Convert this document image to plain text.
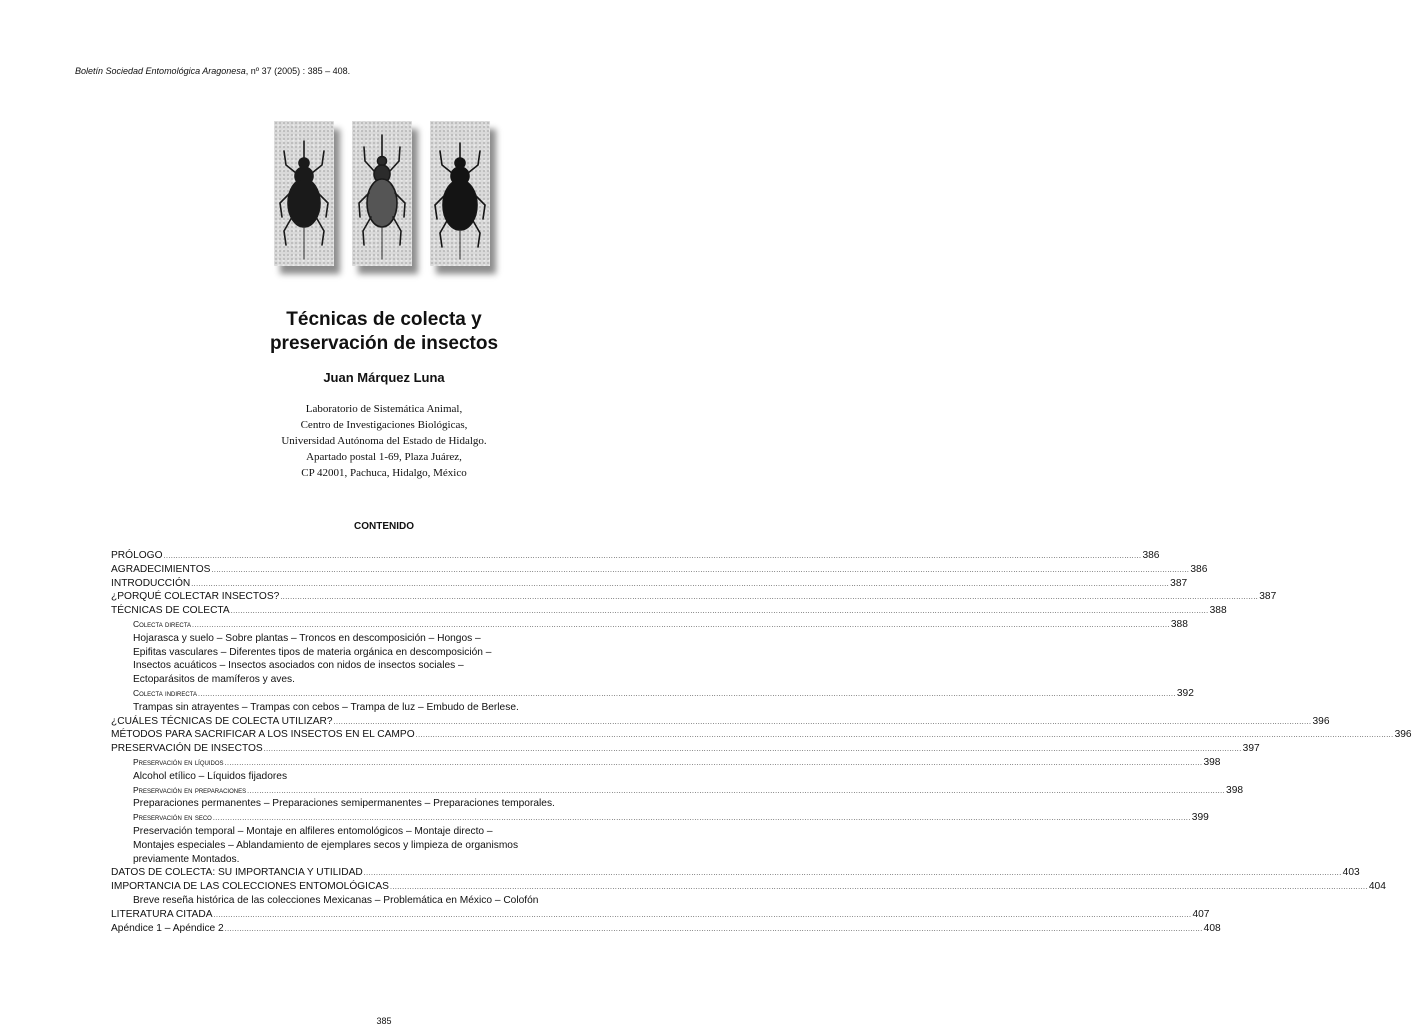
Boletín Sociedad Entomológica Aragonesa, nº 37 (2005) : 385 – 408.
Técnicas de colecta y
preservación de insectos
Juan Márquez Luna
Laboratorio de Sistemática Animal,
Centro de Investigaciones Biológicas,
Universidad Autónoma del Estado de Hidalgo.
Apartado postal 1-69, Plaza Juárez,
CP 42001, Pachuca, Hidalgo, México
CONTENIDO
PRÓLOGO ................................................................................................................................................................................................................................................................................................................................................................................................................ 386
AGRADECIMIENTOS ................................................................................................................................................................................................................................................................................................................................................................................................................ 386
INTRODUCCIÓN ................................................................................................................................................................................................................................................................................................................................................................................................................ 387
¿PORQUÉ COLECTAR INSECTOS? ................................................................................................................................................................................................................................................................................................................................................................................................................ 387
TÉCNICAS DE COLECTA ................................................................................................................................................................................................................................................................................................................................................................................................................ 388
Colecta directa ................................................................................................................................................................................................................................................................................................................................................................................................................ 388
Hojarasca y suelo – Sobre plantas – Troncos en descomposición – Hongos –
Epifitas vasculares – Diferentes tipos de materia orgánica en descomposición –
Insectos acuáticos – Insectos asociados con nidos de insectos sociales –
Ectoparásitos de mamíferos y aves.
Colecta indirecta ................................................................................................................................................................................................................................................................................................................................................................................................................ 392
Trampas sin atrayentes – Trampas con cebos – Trampa de luz – Embudo de Berlese.
¿CUÁLES TÉCNICAS DE COLECTA UTILIZAR? ................................................................................................................................................................................................................................................................................................................................................................................................................ 396
MÉTODOS PARA SACRIFICAR A LOS INSECTOS EN EL CAMPO ................................................................................................................................................................................................................................................................................................................................................................................................................ 396
PRESERVACIÓN DE INSECTOS ................................................................................................................................................................................................................................................................................................................................................................................................................ 397
Preservación en líquidos ................................................................................................................................................................................................................................................................................................................................................................................................................ 398
Alcohol etílico – Líquidos fijadores
Preservación en preparaciones ................................................................................................................................................................................................................................................................................................................................................................................................................ 398
Preparaciones permanentes – Preparaciones semipermanentes – Preparaciones temporales.
Preservación en seco ................................................................................................................................................................................................................................................................................................................................................................................................................ 399
Preservación temporal – Montaje en alfileres entomológicos – Montaje directo –
Montajes especiales – Ablandamiento de ejemplares secos y limpieza de organismos
previamente Montados.
DATOS DE COLECTA: SU IMPORTANCIA Y UTILIDAD ................................................................................................................................................................................................................................................................................................................................................................................................................ 403
IMPORTANCIA DE LAS COLECCIONES ENTOMOLÓGICAS ................................................................................................................................................................................................................................................................................................................................................................................................................ 404
Breve reseña histórica de las colecciones Mexicanas – Problemática en México – Colofón
LITERATURA CITADA ................................................................................................................................................................................................................................................................................................................................................................................................................ 407
Apéndice 1 – Apéndice 2 ................................................................................................................................................................................................................................................................................................................................................................................................................ 408
385
